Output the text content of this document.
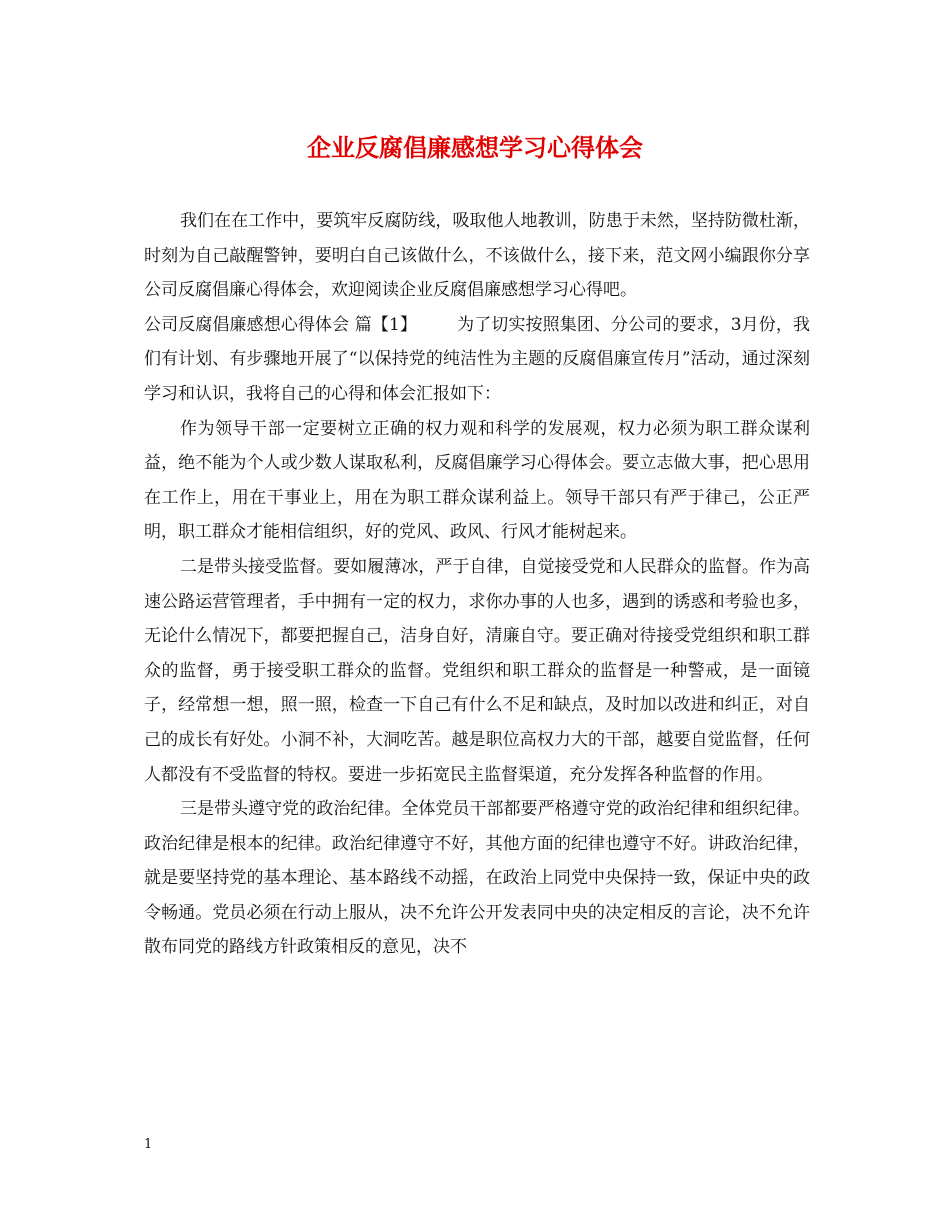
企业反腐倡廉感想学习心得体会

我们在在工作中，要筑牢反腐防线，吸取他人地教训，防患于未然，坚持防微杜渐，时刻为自己敲醒警钟，要明白自己该做什么，不该做什么，接下来，范文网小编跟你分享公司反腐倡廉心得体会，欢迎阅读企业反腐倡廉感想学习心得吧。

公司反腐倡廉感想心得体会 篇【1】 为了切实按照集团、分公司的要求，3月份，我们有计划、有步骤地开展了“以保持党的纯洁性为主题的反腐倡廉宣传月”活动，通过深刻学习和认识，我将自己的心得和体会汇报如下：

作为领导干部一定要树立正确的权力观和科学的发展观，权力必须为职工群众谋利益，绝不能为个人或少数人谋取私利，反腐倡廉学习心得体会。要立志做大事，把心思用在工作上，用在干事业上，用在为职工群众谋利益上。领导干部只有严于律己，公正严明，职工群众才能相信组织，好的党风、政风、行风才能树起来。

二是带头接受监督。要如履薄冰，严于自律，自觉接受党和人民群众的监督。作为高速公路运营管理者，手中拥有一定的权力，求你办事的人也多，遇到的诱惑和考验也多，无论什么情况下，都要把握自己，洁身自好，清廉自守。要正确对待接受党组织和职工群众的监督，勇于接受职工群众的监督。党组织和职工群众的监督是一种警戒，是一面镜子，经常想一想，照一照，检查一下自己有什么不足和缺点，及时加以改进和纠正，对自己的成长有好处。小洞不补，大洞吃苦。越是职位高权力大的干部，越要自觉监督，任何人都没有不受监督的特权。要进一步拓宽民主监督渠道，充分发挥各种监督的作用。

三是带头遵守党的政治纪律。全体党员干部都要严格遵守党的政治纪律和组织纪律。政治纪律是根本的纪律。政治纪律遵守不好，其他方面的纪律也遵守不好。讲政治纪律，就是要坚持党的基本理论、基本路线不动摇，在政治上同党中央保持一致，保证中央的政令畅通。党员必须在行动上服从，决不允许公开发表同中央的决定相反的言论，决不允许散布同党的路线方针政策相反的意见，决不

1
